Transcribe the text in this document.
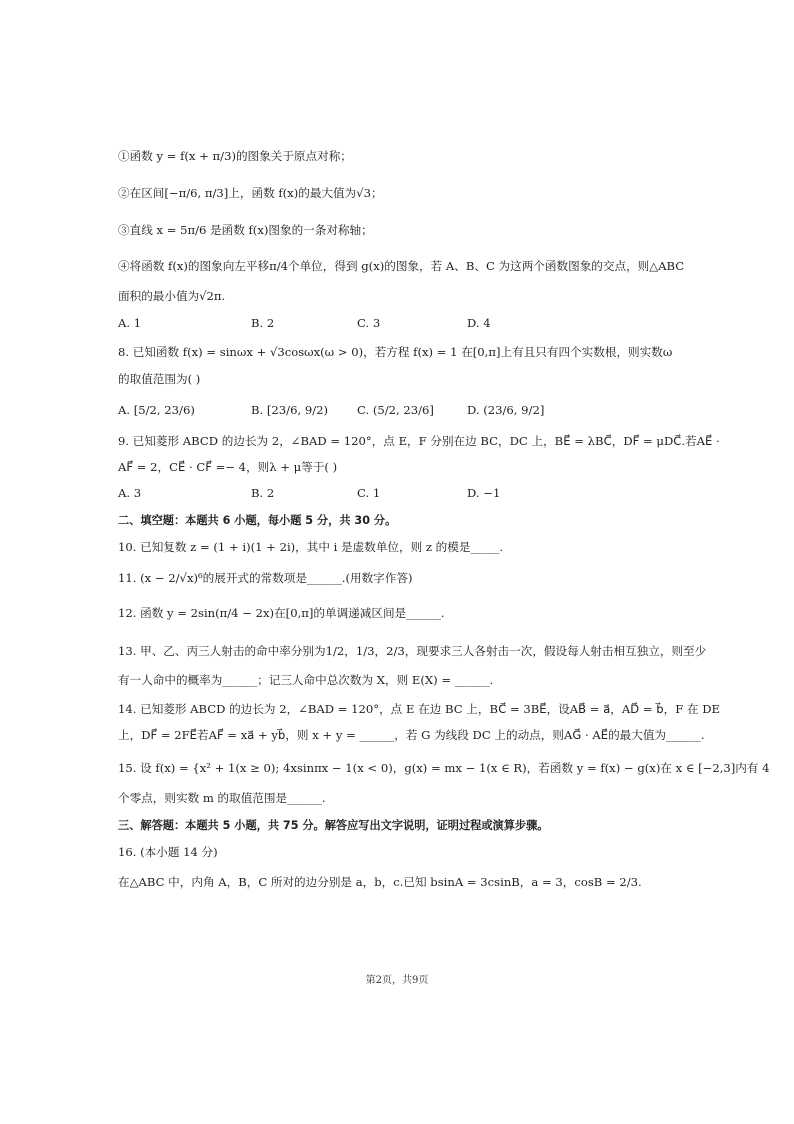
①函数 y = f(x + π/3)的图象关于原点对称；
②在区间[−π/6, π/3]上，函数 f(x)的最大值为√3；
③直线 x = 5π/6 是函数 f(x)图象的一条对称轴；
④将函数 f(x)的图象向左平移π/4个单位，得到 g(x)的图象，若 A、B、C 为这两个函数图象的交点，则△ABC
面积的最小值为√2π.
A. 1	B. 2	C. 3	D. 4
8. 已知函数 f(x) = sinωx + √3cosωx(ω > 0)，若方程 f(x) = 1 在[0,π]上有且只有四个实数根，则实数ω
的取值范围为( )
A. [5/2, 23/6)	B. [23/6, 9/2) C. (5/2, 23/6]	D. (23/6, 9/2]
9. 已知菱形 ABCD 的边长为 2，∠BAD = 120°，点 E，F 分别在边 BC，DC 上，BE⃗ = λBC⃗，DF⃗ = μDC⃗.若AE⃗ ·
AF⃗ = 2，CE⃗ · CF⃗ =− 4，则λ + μ等于( )
A. 3	B. 2	C. 1	D. −1
二、填空题：本题共 6 小题，每小题 5 分，共 30 分。
10. 已知复数 z = (1 + i)(1 + 2i)，其中 i 是虚数单位，则 z 的模是_____.
11. (x − 2/√x)⁶的展开式的常数项是______.(用数字作答)
12. 函数 y = 2sin(π/4 − 2x)在[0,π]的单调递减区间是______.
13. 甲、乙、丙三人射击的命中率分别为1/2，1/3，2/3，现要求三人各射击一次，假设每人射击相互独立，则至少
有一人命中的概率为______；记三人命中总次数为 X，则 E(X) = ______.
14. 已知菱形 ABCD 的边长为 2，∠BAD = 120°，点 E 在边 BC 上，BC⃗ = 3BE⃗，设AB⃗ = a⃗，AD⃗ = b⃗，F 在 DE
上，DF⃗ = 2FE⃗若AF⃗ = xa⃗ + yb⃗，则 x + y = ______，若 G 为线段 DC 上的动点，则AG⃗ · AE⃗的最大值为______.
15. 设 f(x) = {x² + 1(x ≥ 0); 4xsinπx − 1(x < 0)，g(x) = mx − 1(x ∈ R)，若函数 y = f(x) − g(x)在 x ∈ [−2,3]内有 4
个零点，则实数 m 的取值范围是______.
三、解答题：本题共 5 小题，共 75 分。解答应写出文字说明，证明过程或演算步骤。
16. (本小题 14 分)
在△ABC 中，内角 A，B，C 所对的边分别是 a，b，c.已知 bsinA = 3csinB，a = 3，cosB = 2/3.
第2页，共9页
